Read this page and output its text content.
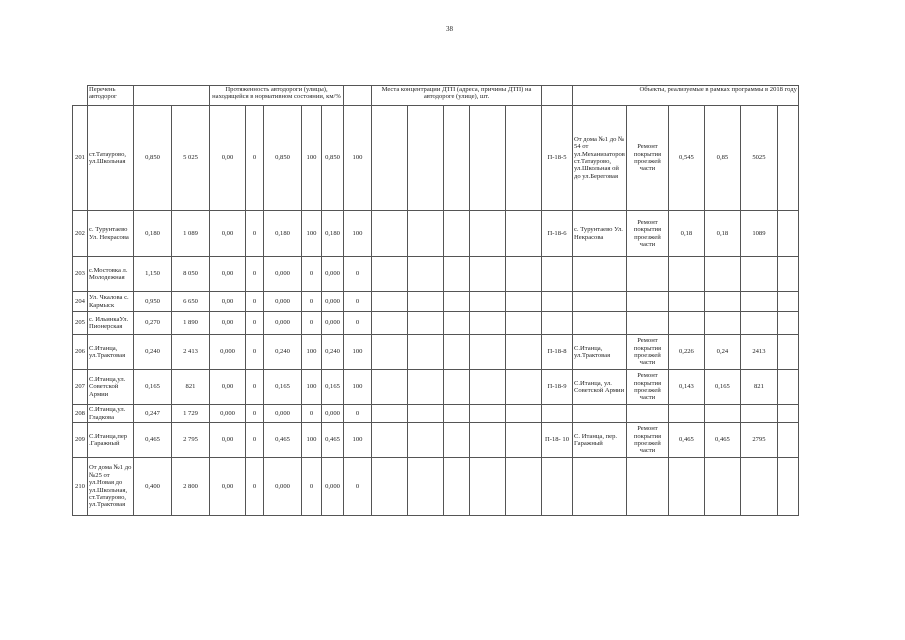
38
	Перечень автодорог			Протяженность автодороги (улицы), находящейся в нормативном состоянии, км/%						Места концентрации ДТП (адреса, причины ДТП) на автодороге (улице), шт.						Объекты, реализуемые в рамках программы в 2018 году					
201	ст.Татаурово, ул.Школьная	0,850	5 025	0,00	0	0,850	100	0,850	100						П-18-5	От дома №1 до № 54 от ул.Механизаторов ст.Татаурово, ул.Школьная ой до ул.Береговая	Ремонт покрытия проезжей части	0,545	0,85	5025	
202	с. Турунтаево Ул. Некрасова	0,180	1 089	0,00	0	0,180	100	0,180	100						П-18-6	с. Турунтаево Ул. Некрасова	Ремонт покрытия проезжей части	0,18	0,18	1089	
203	с.Мостовка л. Молодежная	1,150	8 050	0,00	0	0,000	0	0,000	0												
204	Ул. Чкалова с. Кармыск	0,950	6 650	0,00	0	0,000	0	0,000	0												
205	с. ИльинкаУл. Пионерская	0,270	1 890	0,00	0	0,000	0	0,000	0												
206	С.Итанца, ул.Трактовая	0,240	2 413	0,000	0	0,240	100	0,240	100						П-18-8	С.Итанца, ул.Трактовая	Ремонт покрытия проезжей части	0,226	0,24	2413	
207	С.Итанца,ул. Советской Армии	0,165	821	0,00	0	0,165	100	0,165	100						П-18-9	С.Итанца, ул. Советской Армии	Ремонт покрытия проезжей части	0,143	0,165	821	
208	С.Итанца,ул. Гладкова	0,247	1 729	0,000	0	0,000	0	0,000	0												
209	С.Итанца,пер .Гаражный	0,465	2 795	0,00	0	0,465	100	0,465	100						П-18- 10	С. Итанца, пер. Гаражный	Ремонт покрытия проезжей части	0,465	0,465	2795	
210	От дома №1 до №25 от ул.Новая до ул.Школьная, ст.Татаурово, ул.Трактовая	0,400	2 800	0,00	0	0,000	0	0,000	0												
